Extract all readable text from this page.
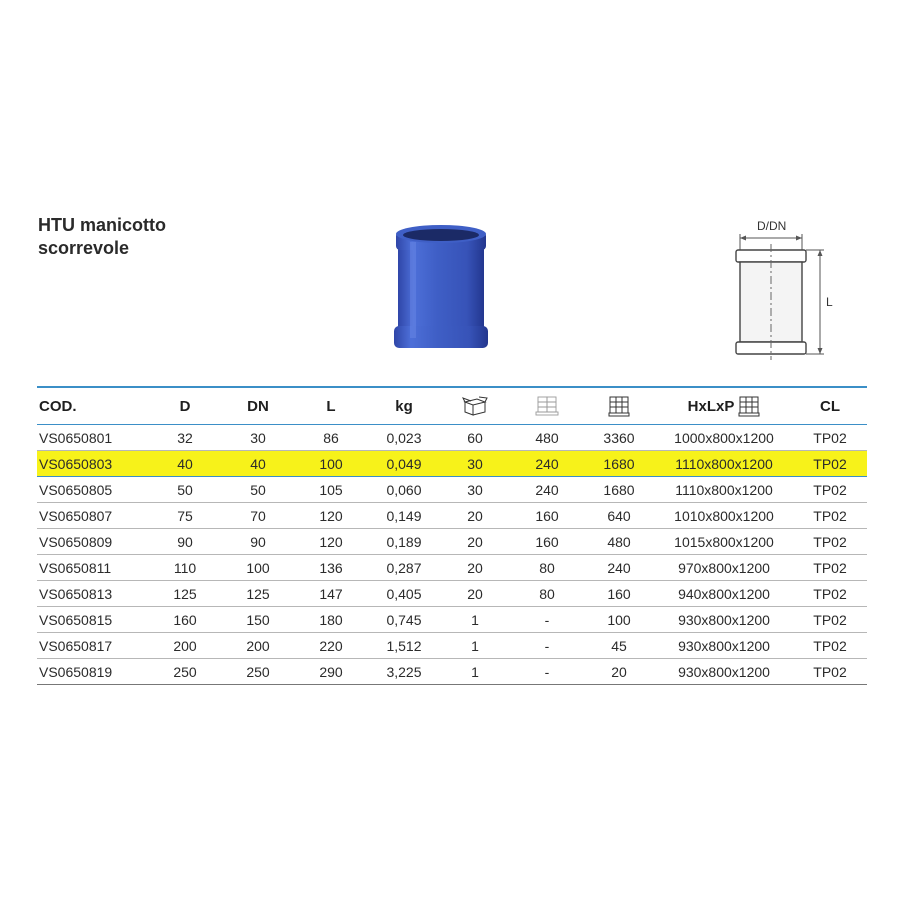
HTU manicotto
scorrevole
D/DN
L
COD.	D	DN	L	kg				HxLxP	CL
VS0650801	32	30	86	0,023	60	480	3360	1000x800x1200	TP02
VS0650803	40	40	100	0,049	30	240	1680	1110x800x1200	TP02
VS0650805	50	50	105	0,060	30	240	1680	1110x800x1200	TP02
VS0650807	75	70	120	0,149	20	160	640	1010x800x1200	TP02
VS0650809	90	90	120	0,189	20	160	480	1015x800x1200	TP02
VS0650811	110	100	136	0,287	20	80	240	970x800x1200	TP02
VS0650813	125	125	147	0,405	20	80	160	940x800x1200	TP02
VS0650815	160	150	180	0,745	1	-	100	930x800x1200	TP02
VS0650817	200	200	220	1,512	1	-	45	930x800x1200	TP02
VS0650819	250	250	290	3,225	1	-	20	930x800x1200	TP02
